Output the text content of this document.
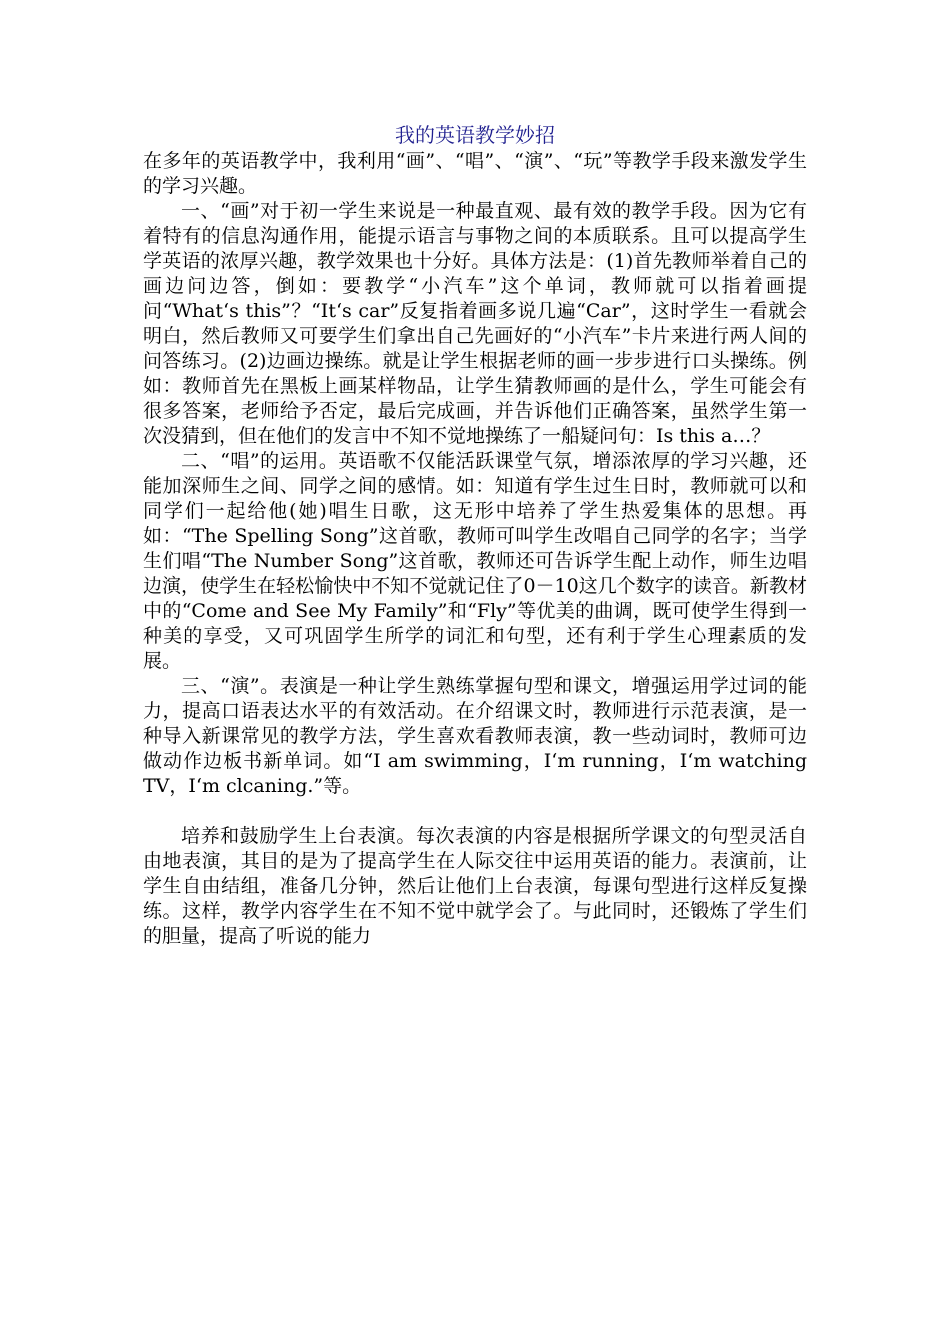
我的英语教学妙招

在多年的英语教学中，我利用“画”、“唱”、“演”、“玩”等教学手段来激发学生的学习兴趣。

一、“画”对于初一学生来说是一种最直观、最有效的教学手段。因为它有着特有的信息沟通作用，能提示语言与事物之间的本质联系。且可以提高学生学英语的浓厚兴趣，教学效果也十分好。具体方法是：(1)首先教师举着自己的画边问边答，倒如：要教学“小汽车”这个单词，教师就可以指着画提问“What‘s this”？“It‘s car”反复指着画多说几遍“Car”，这时学生一看就会明白，然后教师又可要学生们拿出自己先画好的“小汽车”卡片来进行两人间的问答练习。(2)边画边操练。就是让学生根据老师的画一步步进行口头操练。例如：教师首先在黑板上画某样物品，让学生猜教师画的是什么，学生可能会有很多答案，老师给予否定，最后完成画，并告诉他们正确答案，虽然学生第一次没猜到，但在他们的发言中不知不觉地操练了一船疑问句：Is this a…？

二、“唱”的运用。英语歌不仅能活跃课堂气氛，增添浓厚的学习兴趣，还能加深师生之间、同学之间的感情。如：知道有学生过生日时，教师就可以和同学们一起给他(她)唱生日歌，这无形中培养了学生热爱集体的思想。再如：“The Spelling Song”这首歌，教师可叫学生改唱自己同学的名字；当学生们唱“The Number Song”这首歌，教师还可告诉学生配上动作，师生边唱边演，使学生在轻松愉快中不知不觉就记住了0－10这几个数字的读音。新教材中的“Come and See My Family”和“Fly”等优美的曲调，既可使学生得到一种美的享受，又可巩固学生所学的词汇和句型，还有利于学生心理素质的发展。

三、“演”。表演是一种让学生熟练掌握句型和课文，增强运用学过词的能力，提高口语表达水平的有效活动。在介绍课文时，教师进行示范表演，是一种导入新课常见的教学方法，学生喜欢看教师表演，教一些动词时，教师可边做动作边板书新单词。如“I am swimming，I‘m running，I‘m watching TV，I‘m clcaning.”等。

培养和鼓励学生上台表演。每次表演的内容是根据所学课文的句型灵活自由地表演，其目的是为了提高学生在人际交往中运用英语的能力。表演前，让学生自由结组，准备几分钟，然后让他们上台表演，每课句型进行这样反复操练。这样，教学内容学生在不知不觉中就学会了。与此同时，还锻炼了学生们的胆量，提高了听说的能力
